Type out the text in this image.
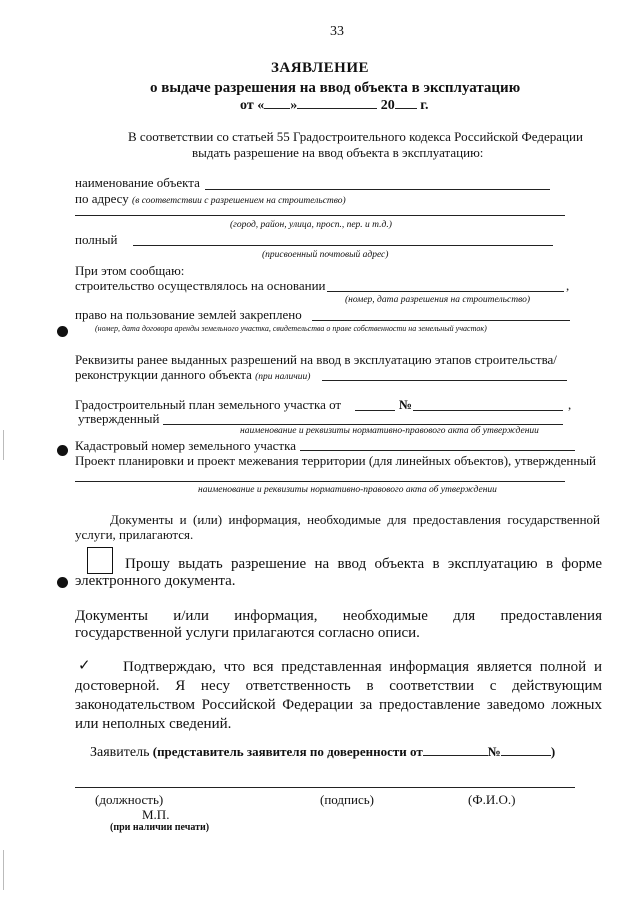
33
ЗАЯВЛЕНИЕ
о выдаче разрешения на ввод объекта в эксплуатацию
от « »	20 г.
В соответствии со статьей 55 Градостроительного кодекса Российской Федерации
выдать разрешение на ввод объекта в эксплуатацию:
наименование объекта
по адресу (в соответствии с разрешением на строительство)
(город, район, улица, просп., пер. и т.д.)
полный
(присвоенный почтовый адрес)
При этом сообщаю:
строительство осуществлялось на основании	,
(номер, дата разрешения на строительство)
право на пользование землей закреплено
(номер, дата договора аренды земельного участка, свидетельства о праве собственности на земельный участок)
Реквизиты ранее выданных разрешений на ввод в эксплуатацию этапов строительства/
реконструкции данного объекта (при наличии)
Градостроительный план земельного участка от	№	,
утвержденный
наименование и реквизиты нормативно-правового акта об утверждении
Кадастровый номер земельного участка
Проект планировки и проект межевания территории (для линейных объектов), утвержденный
наименование и реквизиты нормативно-правового акта об утверждении
Документы и (или) информация, необходимые для предоставления государственной
услуги, прилагаются.
Прошу выдать разрешение на ввод объекта в эксплуатацию в форме
электронного документа.
Документы и/или информация, необходимые для предоставления
государственной услуги прилагаются согласно описи.
✓ Подтверждаю, что вся представленная информация является полной и
достоверной. Я несу ответственность в соответствии с действующим
законодательством Российской Федерации за предоставление заведомо ложных
или неполных сведений.
Заявитель (представитель заявителя по доверенности от	№	)
(должность)	(подпись)	(Ф.И.О.)
М.П.
(при наличии печати)
